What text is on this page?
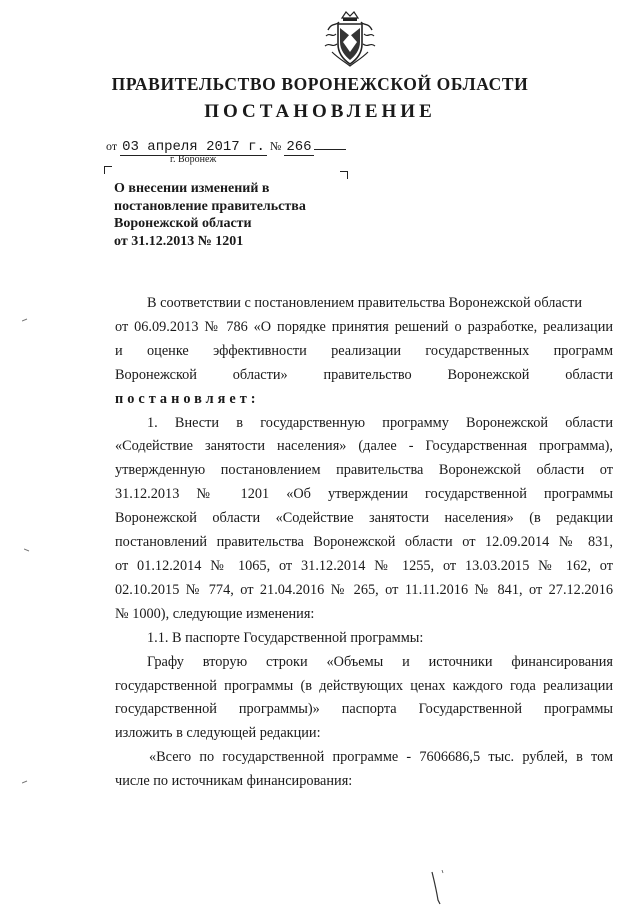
ПРАВИТЕЛЬСТВО ВОРОНЕЖСКОЙ ОБЛАСТИ
ПОСТАНОВЛЕНИЕ
от 03 апреля 2017 г. № 266
г. Воронеж
О внесении изменений в
постановление правительства
Воронежской области
от 31.12.2013 № 1201

В соответствии с постановлением правительства Воронежской области

от 06.09.2013 № 786 «О порядке принятия решений о разработке, реализации

и оценке эффективности реализации государственных программ

Воронежской области» правительство Воронежской области

постановляет:

1. Внести в государственную программу Воронежской области

«Содействие занятости населения» (далее - Государственная программа),

утвержденную постановлением правительства Воронежской области от

31.12.2013 № 1201 «Об утверждении государственной программы

Воронежской области «Содействие занятости населения» (в редакции

постановлений правительства Воронежской области от 12.09.2014 № 831,

от 01.12.2014 № 1065, от 31.12.2014 № 1255, от 13.03.2015 № 162, от

02.10.2015 № 774, от 21.04.2016 № 265, от 11.11.2016 № 841, от 27.12.2016

№ 1000), следующие изменения:

1.1. В паспорте Государственной программы:

Графу вторую строки «Объемы и источники финансирования

государственной программы (в действующих ценах каждого года реализации

государственной программы)» паспорта Государственной программы

изложить в следующей редакции:

«Всего по государственной программе - 7606686,5 тыс. рублей, в том

числе по источникам финансирования:
